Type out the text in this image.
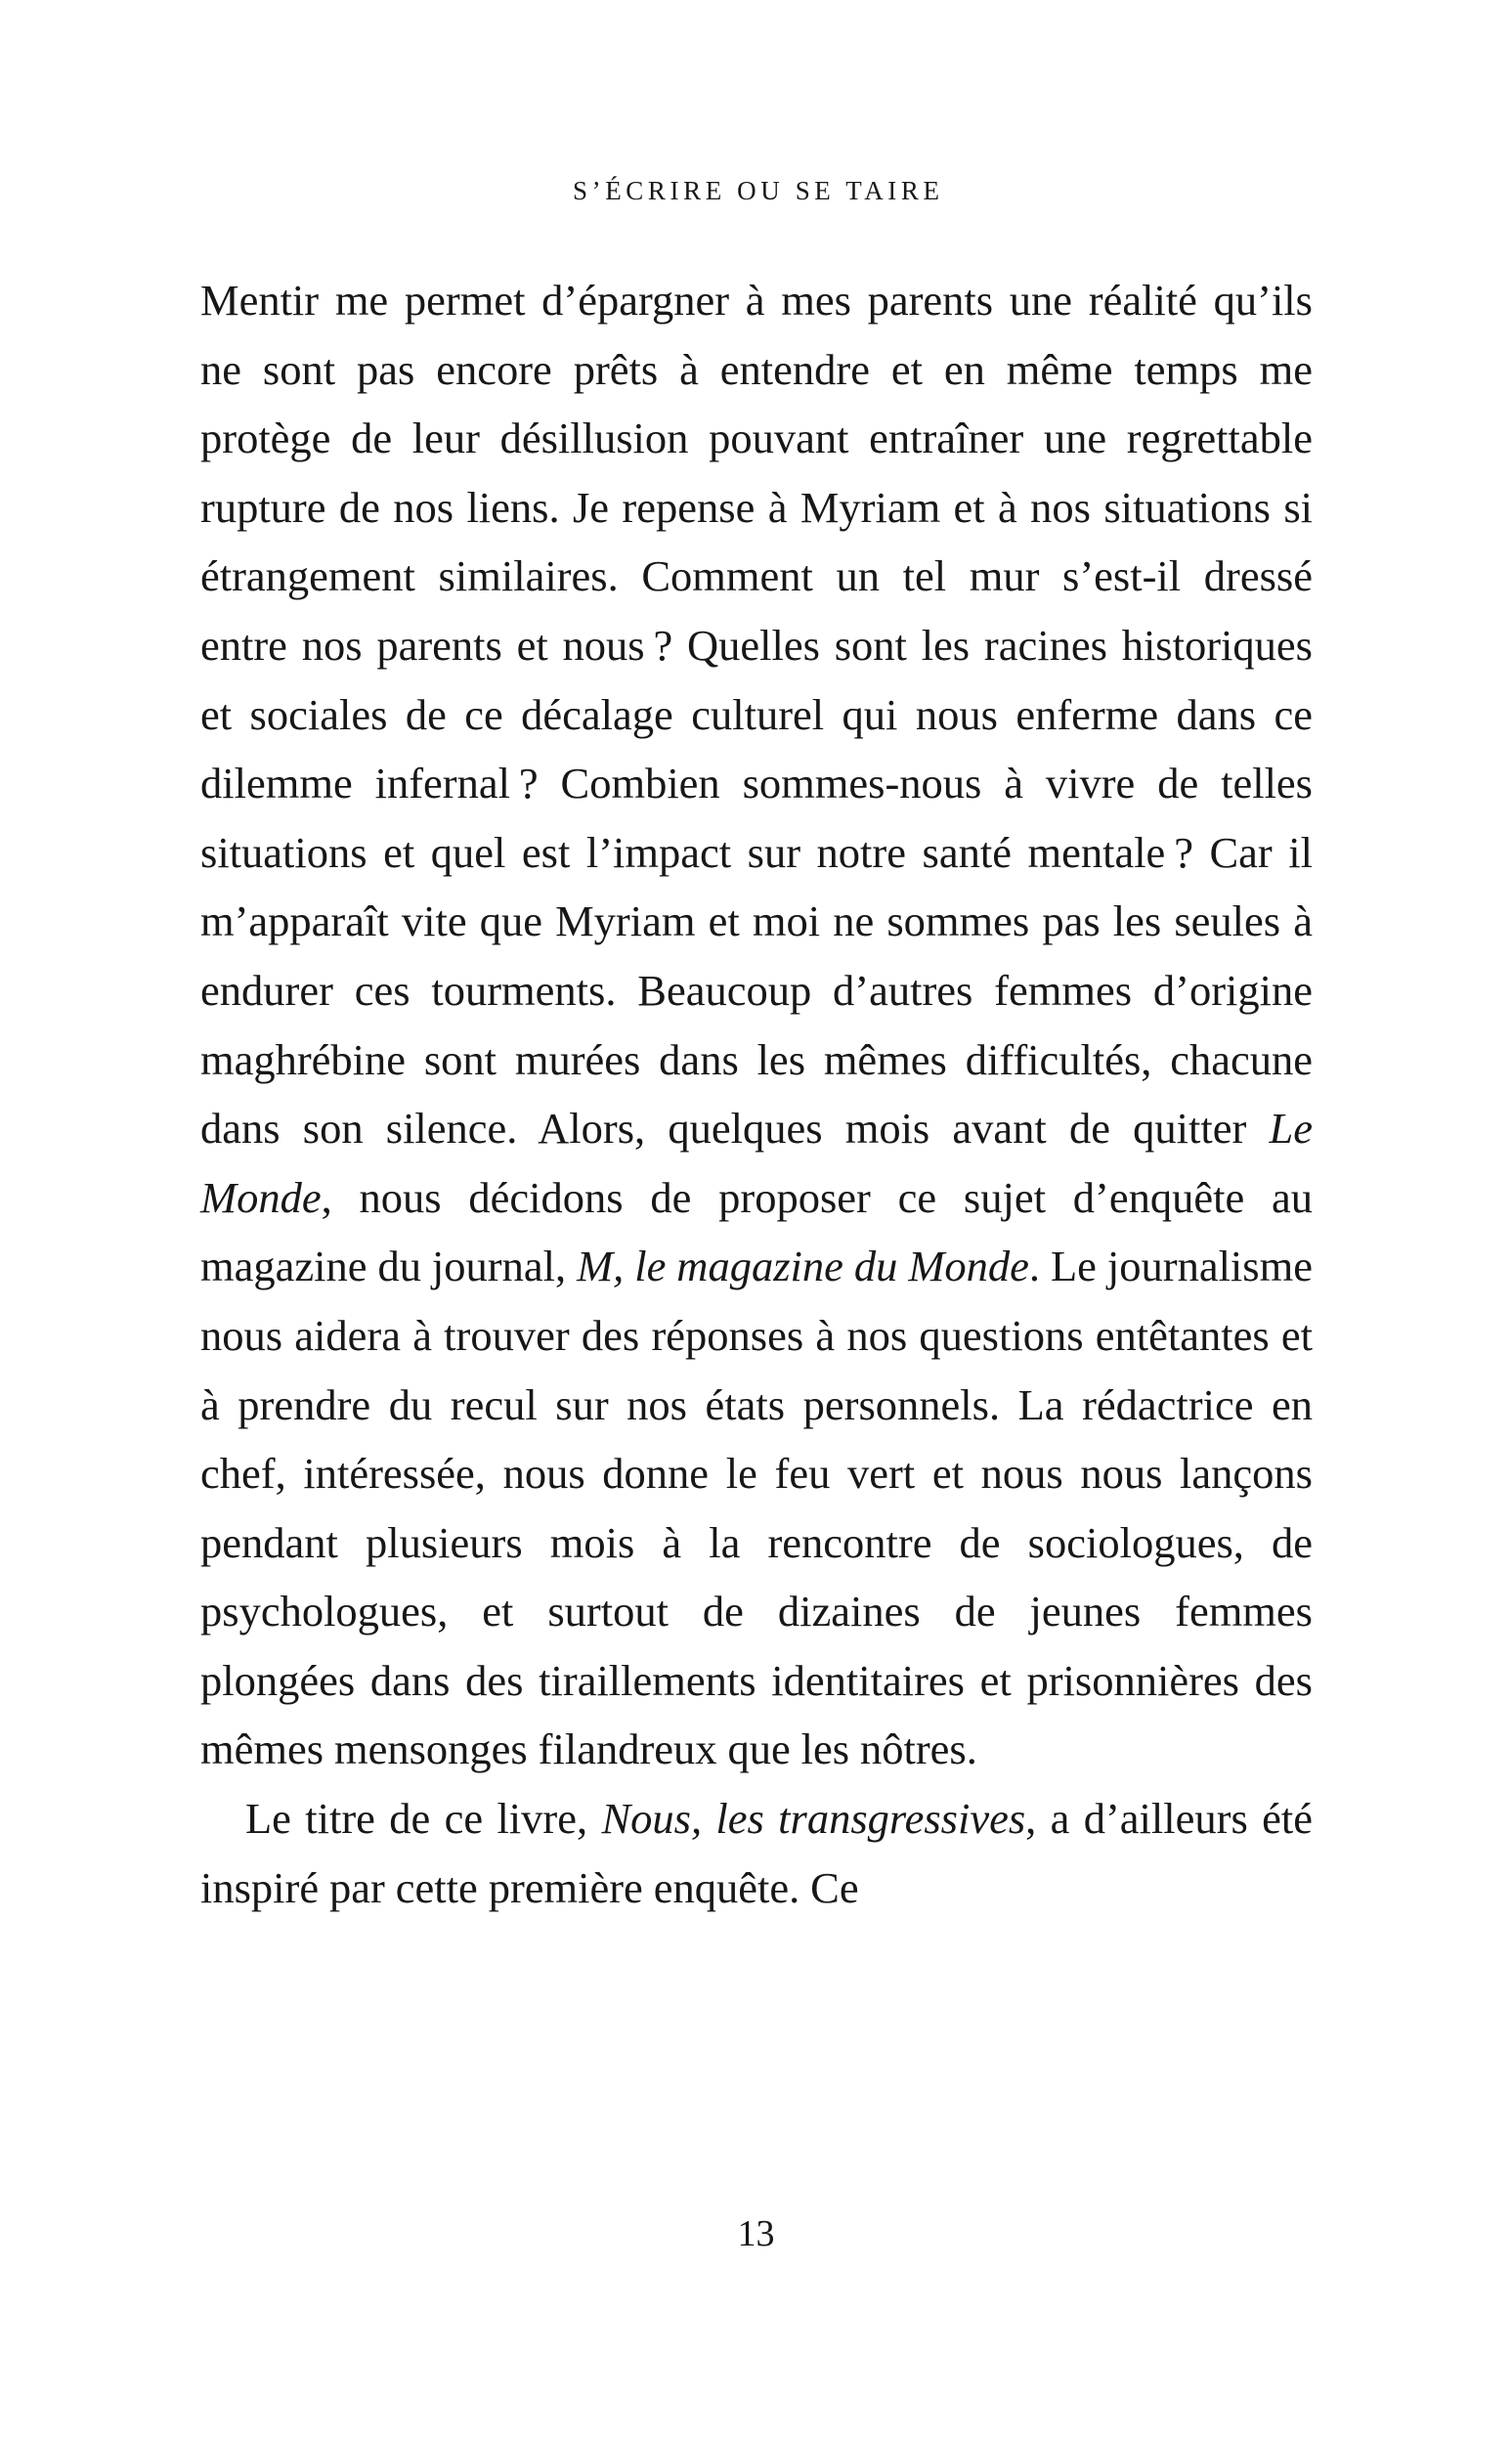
S’ÉCRIRE OU SE TAIRE

Mentir me permet d’épargner à mes parents une réalité qu’ils ne sont pas encore prêts à entendre et en même temps me protège de leur désillusion pouvant entraîner une regrettable rupture de nos liens. Je repense à Myriam et à nos situations si étrangement similaires. Comment un tel mur s’est-il dressé entre nos parents et nous ? Quelles sont les racines historiques et sociales de ce décalage culturel qui nous enferme dans ce dilemme infernal ? Combien sommes-nous à vivre de telles situations et quel est l’impact sur notre santé mentale ? Car il m’apparaît vite que Myriam et moi ne sommes pas les seules à endurer ces tourments. Beaucoup d’autres femmes d’origine maghrébine sont murées dans les mêmes difficultés, chacune dans son silence. Alors, quelques mois avant de quitter Le Monde, nous décidons de proposer ce sujet d’enquête au magazine du journal, M, le magazine du Monde. Le journalisme nous aidera à trouver des réponses à nos questions entêtantes et à prendre du recul sur nos états personnels. La rédactrice en chef, intéressée, nous donne le feu vert et nous nous lançons pendant plusieurs mois à la rencontre de sociologues, de psychologues, et surtout de dizaines de jeunes femmes plongées dans des tiraillements identitaires et prisonnières des mêmes mensonges filandreux que les nôtres.

Le titre de ce livre, Nous, les transgressives, a d’ailleurs été inspiré par cette première enquête. Ce

13
